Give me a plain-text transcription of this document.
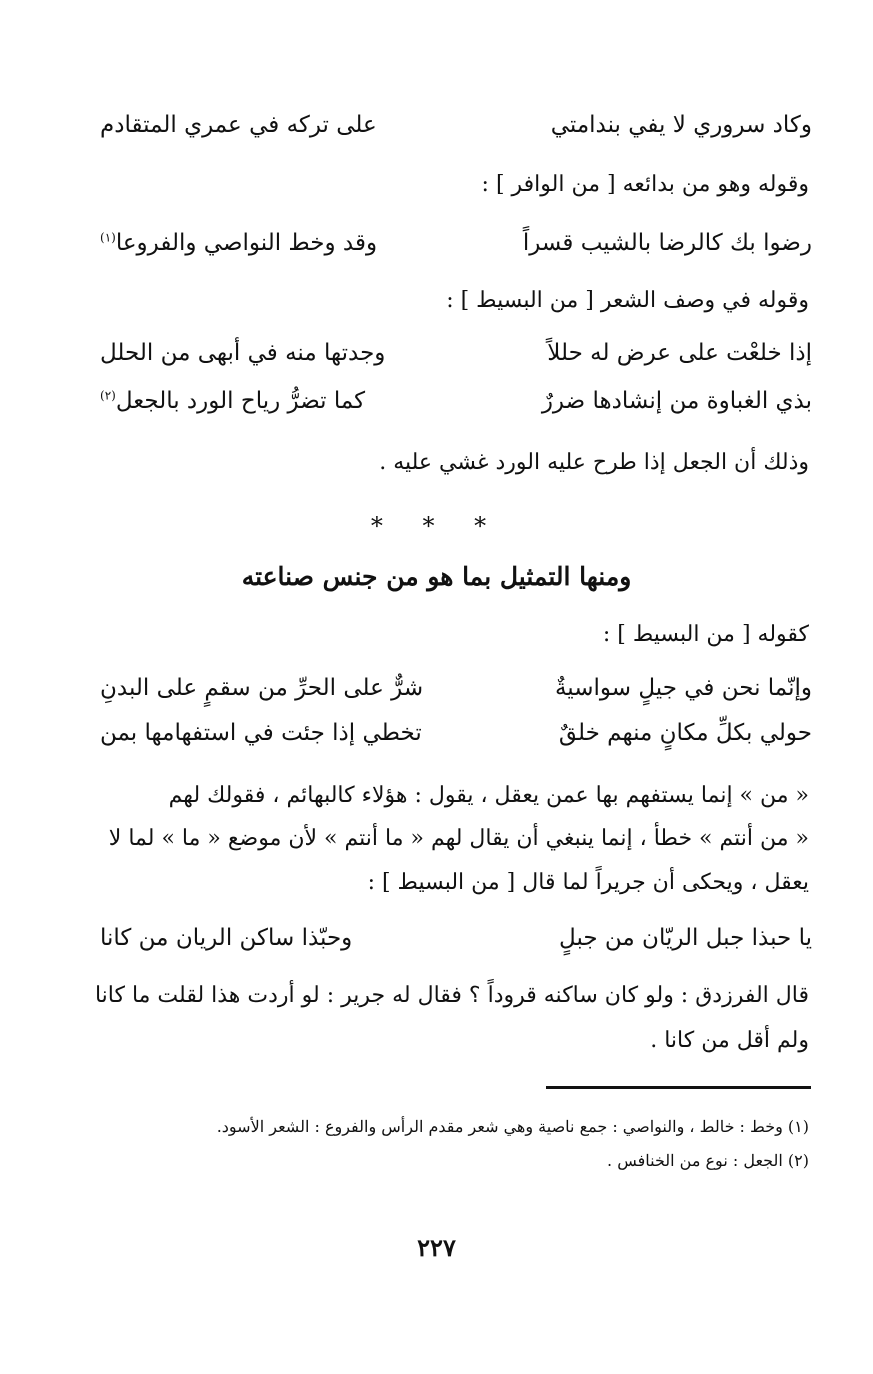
وكاد سروري لا يفي بندامتي
على تركه في عمري المتقادم
وقوله وهو من بدائعه [ من الوافر ] :
رضوا بك كالرضا بالشيب قسراً
وقد وخط النواصي والفروعا$^{(١)}$
وقوله في وصف الشعر [ من البسيط ] :
إذا خلعْت على عرض له حللاً
وجدتها منه في أبهى من الحلل
بذي الغباوة من إنشادها ضررٌ
كما تضرُّ رياح الورد بالجعل$^{(٢)}$
وذلك أن الجعل إذا طرح عليه الورد غشي عليه .
* * *
ومنها التمثيل بما هو من جنس صناعته
كقوله [ من البسيط ] :
وإنّما نحن في جيلٍ سواسيةٌ
شرٌّ على الحرِّ من سقمٍ على البدنِ
حولي بكلِّ مكانٍ منهم خلقٌ
تخطي إذا جئت في استفهامها بمن
« من » إنما يستفهم بها عمن يعقل ، يقول : هؤلاء كالبهائم ، فقولك لهم
« من أنتم » خطأ ، إنما ينبغي أن يقال لهم « ما أنتم » لأن موضع « ما » لما لا
يعقل ، ويحكى أن جريراً لما قال [ من البسيط ] :
يا حبذا جبل الريّان من جبلٍ
وحبّذا ساكن الريان من كانا
قال الفرزدق : ولو كان ساكنه قروداً ؟ فقال له جرير : لو أردت هذا لقلت ما كانا
ولم أقل من كانا .
(١) وخط : خالط ، والنواصي : جمع ناصية وهي شعر مقدم الرأس والفروع : الشعر الأسود.
(٢) الجعل : نوع من الخنافس .
٢٢٧
